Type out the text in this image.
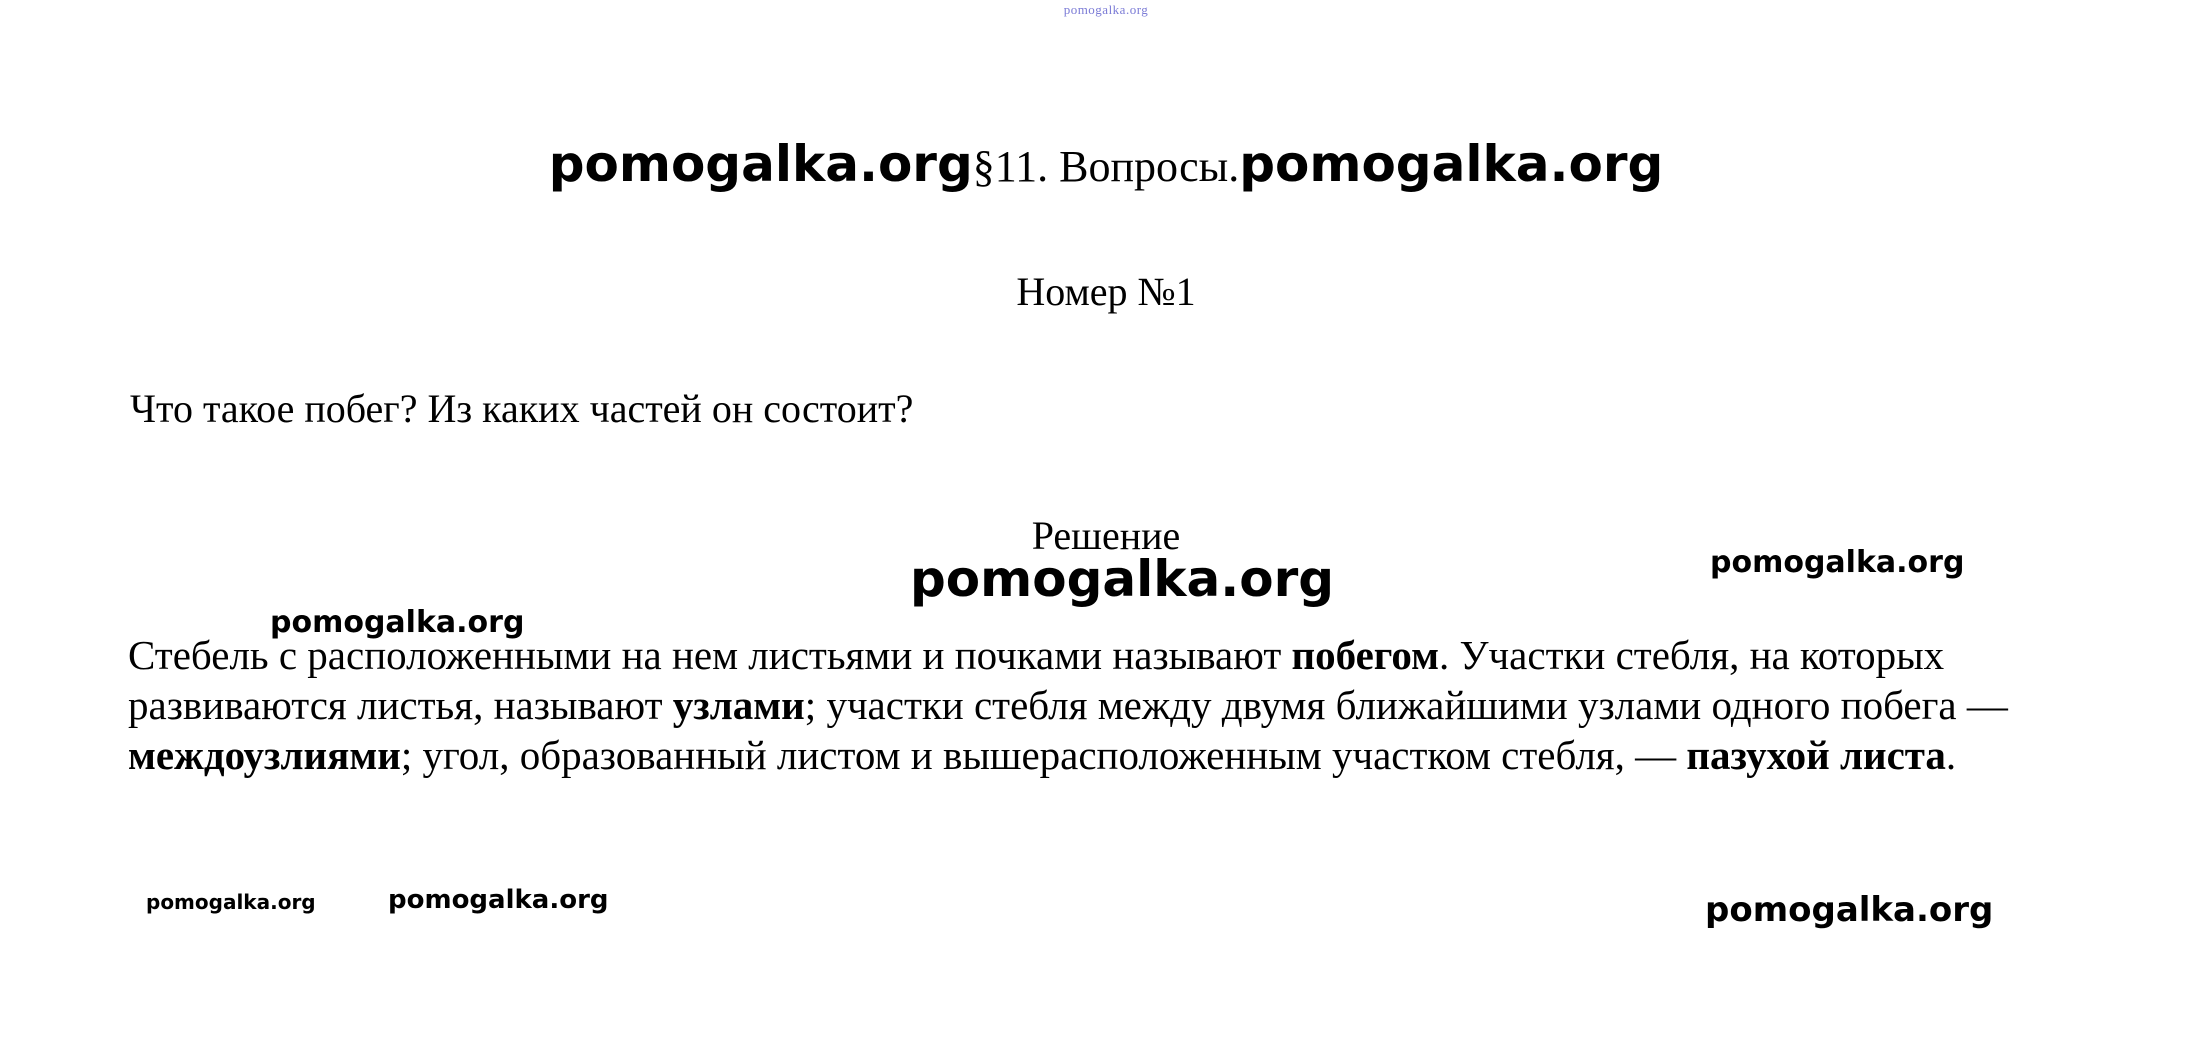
pomogalka.org
pomogalka.org§11. Вопросы.pomogalka.org
Номер №1
Что такое побег? Из каких частей он состоит?
Решение
Стебель с расположенными на нем листьями и почками называют побегом. Участки стебля, на которых развиваются листья, называют узлами; участки стебля между двумя ближайшими узлами одного побега — междоузлиями; угол, образованный листом и вышерасположенным участком стебля, — пазухой листа.
pomogalka.org	pomogalka.org
pomogalka.org
pomogalka.org	pomogalka.org	pomogalka.org
